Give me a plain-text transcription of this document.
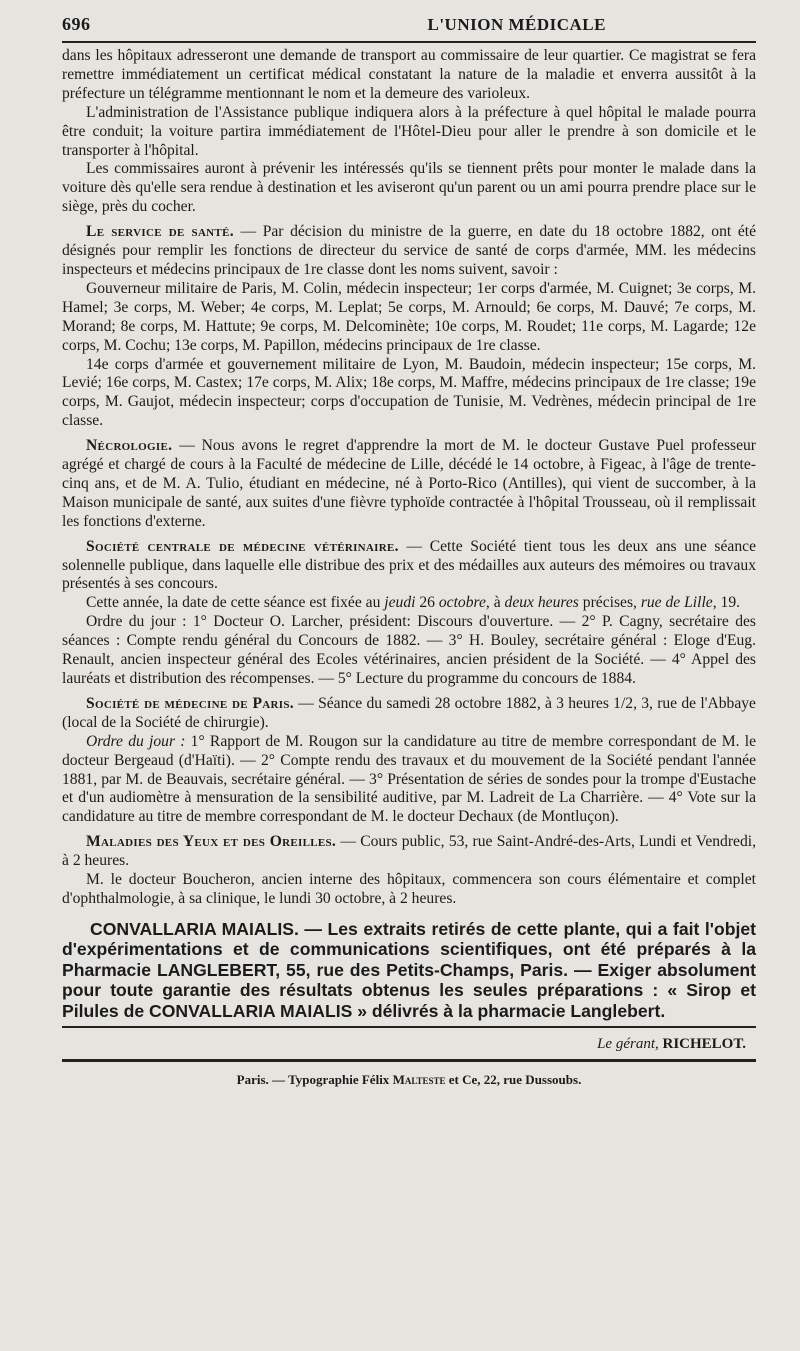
696	L'UNION MÉDICALE

dans les hôpitaux adresseront une demande de transport au commissaire de leur quartier. Ce magistrat se fera remettre immédiatement un certificat médical constatant la nature de la maladie et enverra aussitôt à la préfecture un télégramme mentionnant le nom et la demeure des varioleux.

L'administration de l'Assistance publique indiquera alors à la préfecture à quel hôpital le malade pourra être conduit; la voiture partira immédiatement de l'Hôtel-Dieu pour aller le prendre à son domicile et le transporter à l'hôpital.

Les commissaires auront à prévenir les intéressés qu'ils se tiennent prêts pour monter le malade dans la voiture dès qu'elle sera rendue à destination et les aviseront qu'un parent ou un ami pourra prendre place sur le siège, près du cocher.

Le service de santé. — Par décision du ministre de la guerre, en date du 18 octobre 1882, ont été désignés pour remplir les fonctions de directeur du service de santé de corps d'armée, MM. les médecins inspecteurs et médecins principaux de 1re classe dont les noms suivent, savoir :

Gouverneur militaire de Paris, M. Colin, médecin inspecteur; 1er corps d'armée, M. Cuignet; 3e corps, M. Hamel; 3e corps, M. Weber; 4e corps, M. Leplat; 5e corps, M. Arnould; 6e corps, M. Dauvé; 7e corps, M. Morand; 8e corps, M. Hattute; 9e corps, M. Delcominète; 10e corps, M. Roudet; 11e corps, M. Lagarde; 12e corps, M. Cochu; 13e corps, M. Papillon, médecins principaux de 1re classe.

14e corps d'armée et gouvernement militaire de Lyon, M. Baudoin, médecin inspecteur; 15e corps, M. Levié; 16e corps, M. Castex; 17e corps, M. Alix; 18e corps, M. Maffre, médecins principaux de 1re classe; 19e corps, M. Gaujot, médecin inspecteur; corps d'occupation de Tunisie, M. Vedrènes, médecin principal de 1re classe.

Nécrologie. — Nous avons le regret d'apprendre la mort de M. le docteur Gustave Puel professeur agrégé et chargé de cours à la Faculté de médecine de Lille, décédé le 14 octobre, à Figeac, à l'âge de trente-cinq ans, et de M. A. Tulio, étudiant en médecine, né à Porto-Rico (Antilles), qui vient de succomber, à la Maison municipale de santé, aux suites d'une fièvre typhoïde contractée à l'hôpital Trousseau, où il remplissait les fonctions d'externe.

Société centrale de médecine vétérinaire. — Cette Société tient tous les deux ans une séance solennelle publique, dans laquelle elle distribue des prix et des médailles aux auteurs des mémoires ou travaux présentés à ses concours.

Cette année, la date de cette séance est fixée au jeudi 26 octobre, à deux heures précises, rue de Lille, 19.

Ordre du jour : 1° Docteur O. Larcher, président: Discours d'ouverture. — 2° P. Cagny, secrétaire des séances : Compte rendu général du Concours de 1882. — 3° H. Bouley, secrétaire général : Eloge d'Eug. Renault, ancien inspecteur général des Ecoles vétérinaires, ancien président de la Société. — 4° Appel des lauréats et distribution des récompenses. — 5° Lecture du programme du concours de 1884.

Société de médecine de Paris. — Séance du samedi 28 octobre 1882, à 3 heures 1/2, 3, rue de l'Abbaye (local de la Société de chirurgie).

Ordre du jour : 1° Rapport de M. Rougon sur la candidature au titre de membre correspondant de M. le docteur Bergeaud (d'Haïti). — 2° Compte rendu des travaux et du mouvement de la Société pendant l'année 1881, par M. de Beauvais, secrétaire général. — 3° Présentation de séries de sondes pour la trompe d'Eustache et d'un audiomètre à mensuration de la sensibilité auditive, par M. Ladreit de La Charrière. — 4° Vote sur la candidature au titre de membre correspondant de M. le docteur Dechaux (de Montluçon).

Maladies des Yeux et des Oreilles. — Cours public, 53, rue Saint-André-des-Arts, Lundi et Vendredi, à 2 heures.

M. le docteur Boucheron, ancien interne des hôpitaux, commencera son cours élémentaire et complet d'ophthalmologie, à sa clinique, le lundi 30 octobre, à 2 heures.

CONVALLARIA MAIALIS. — Les extraits retirés de cette plante, qui a fait l'objet d'expérimentations et de communications scientifiques, ont été préparés à la Pharmacie LANGLEBERT, 55, rue des Petits-Champs, Paris. — Exiger absolument pour toute garantie des résultats obtenus les seules préparations : « Sirop et Pilules de CONVALLARIA MAIALIS » délivrés à la pharmacie Langlebert.

Le gérant, RICHELOT.
Paris. — Typographie Félix Malteste et Ce, 22, rue Dussoubs.
